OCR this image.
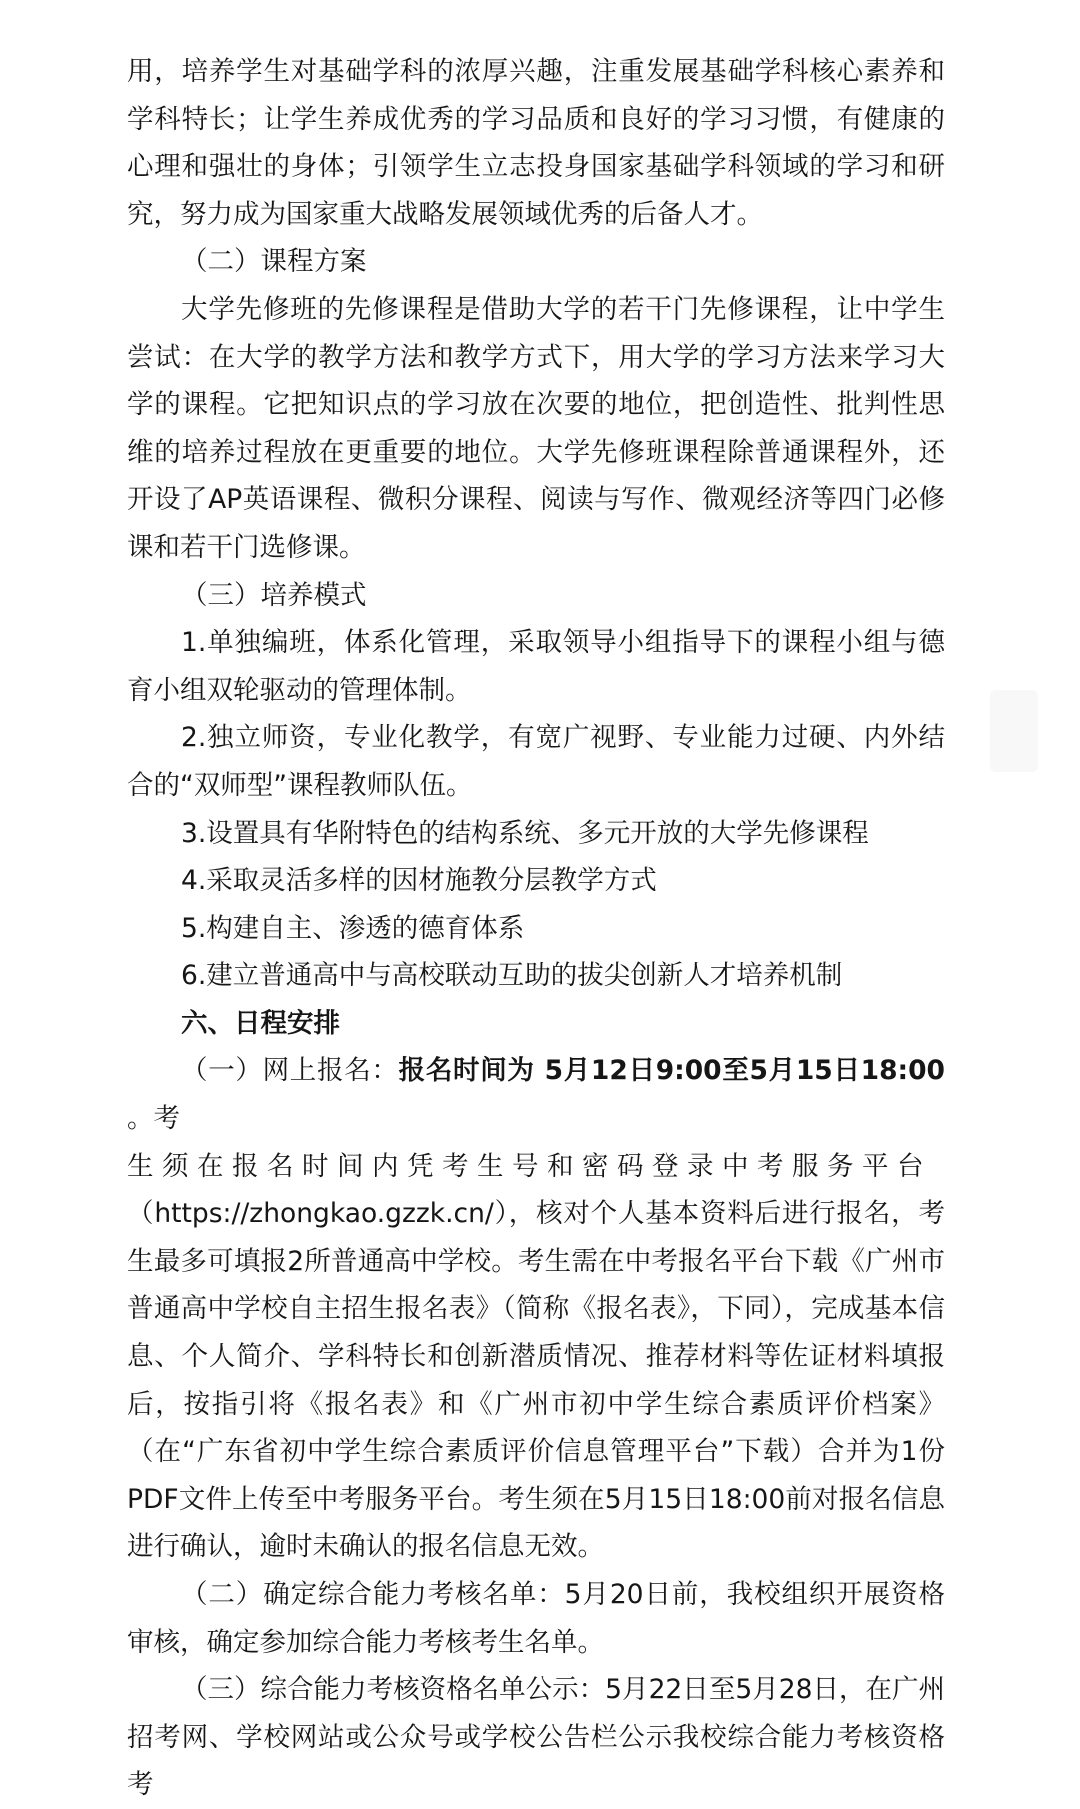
用，培养学生对基础学科的浓厚兴趣，注重发展基础学科核心素养和学科特长；让学生养成优秀的学习品质和良好的学习习惯，有健康的心理和强壮的身体；引领学生立志投身国家基础学科领域的学习和研究，努力成为国家重大战略发展领域优秀的后备人才。

（二）课程方案

大学先修班的先修课程是借助大学的若干门先修课程，让中学生尝试：在大学的教学方法和教学方式下，用大学的学习方法来学习大学的课程。它把知识点的学习放在次要的地位，把创造性、批判性思维的培养过程放在更重要的地位。大学先修班课程除普通课程外，还开设了AP英语课程、微积分课程、阅读与写作、微观经济等四门必修课和若干门选修课。

（三）培养模式

1.单独编班，体系化管理，采取领导小组指导下的课程小组与德育小组双轮驱动的管理体制。

2.独立师资，专业化教学，有宽广视野、专业能力过硬、内外结合的“双师型”课程教师队伍。

3.设置具有华附特色的结构系统、多元开放的大学先修课程

4.采取灵活多样的因材施教分层教学方式

5.构建自主、渗透的德育体系

6.建立普通高中与高校联动互助的拔尖创新人才培养机制

六、日程安排

（一）网上报名：报名时间为 5月12日9:00至5月15日18:00 。考

生须在报名时间内凭考生号和密码登录中考服务平台

（https://zhongkao.gzzk.cn/），核对个人基本资料后进行报名，考生最多可填报2所普通高中学校。考生需在中考报名平台下载《广州市普通高中学校自主招生报名表》（简称《报名表》，下同），完成基本信息、个人简介、学科特长和创新潜质情况、推荐材料等佐证材料填报后，按指引将《报名表》和《广州市初中学生综合素质评价档案》（在“广东省初中学生综合素质评价信息管理平台”下载）合并为1份PDF文件上传至中考服务平台。考生须在5月15日18:00前对报名信息进行确认，逾时未确认的报名信息无效。

（二）确定综合能力考核名单：5月20日前，我校组织开展资格审核，确定参加综合能力考核考生名单。

（三）综合能力考核资格名单公示：5月22日至5月28日，在广州招考网、学校网站或公众号或学校公告栏公示我校综合能力考核资格考
